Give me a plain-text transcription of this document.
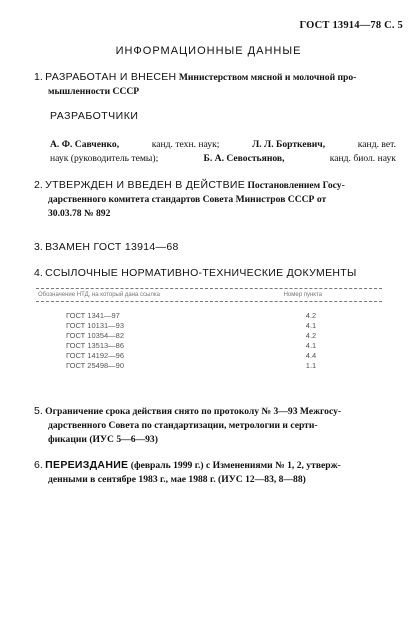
ГОСТ 13914—78 С. 5
ИНФОРМАЦИОННЫЕ ДАННЫЕ
1. РАЗРАБОТАН И ВНЕСЕН Министерством мясной и молочной про-
мышленности СССР
РАЗРАБОТЧИКИ
А. Ф. Савченко,	канд. техн. наук;	Л. Л. Борткевич,	канд. вет.
наук (руководитель темы);	Б. А. Севостьянов,	канд. биол. наук
2. УТВЕРЖДЕН И ВВЕДЕН В ДЕЙСТВИЕ Постановлением Госу-
дарственного комитета стандартов Совета Министров СССР от
30.03.78 № 892
3. ВЗАМЕН ГОСТ 13914—68
4. ССЫЛОЧНЫЕ НОРМАТИВНО-ТЕХНИЧЕСКИЕ ДОКУМЕНТЫ
Обозначение НТД, на который дана ссылка	Номер пункта
ГОСТ 1341—97	4.2
ГОСТ 10131—93	4.1
ГОСТ 10354—82	4.2
ГОСТ 13513—86	4.1
ГОСТ 14192—96	4.4
ГОСТ 25498—90	1.1
5. Ограничение срока действия снято по протоколу № 3—93 Межгосу-
дарственного Совета по стандартизации, метрологии и серти-
фикации (ИУС 5—6—93)
6. ПЕРЕИЗДАНИЕ (февраль 1999 г.) с Изменениями № 1, 2, утверж-
денными в сентябре 1983 г., мае 1988 г. (ИУС 12—83, 8—88)
